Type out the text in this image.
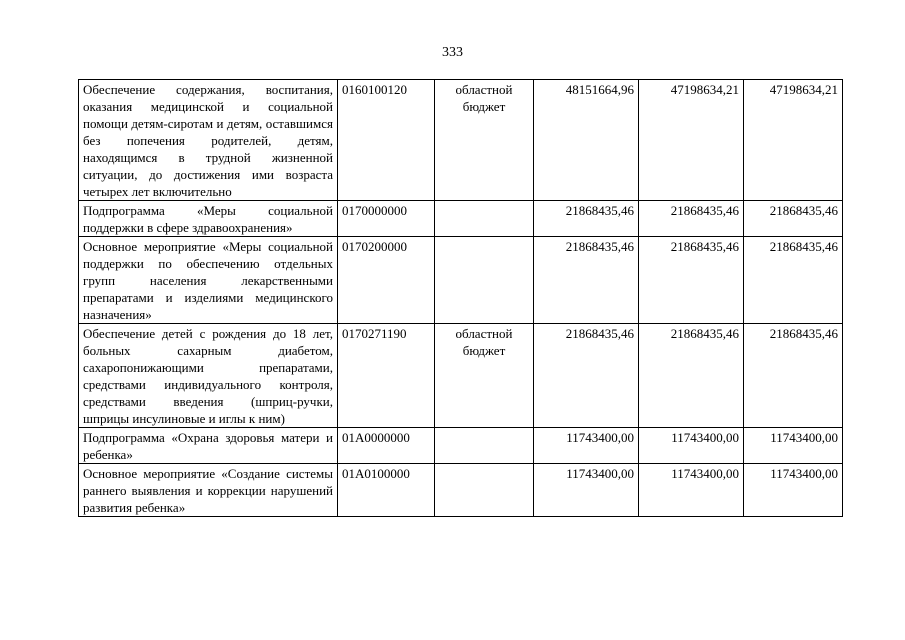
333
Обеспечение содержания, воспитания, оказания медицинской и социальной помощи детям-сиротам и детям, оставшимся без попечения родителей, детям, находящимся в трудной жизненной ситуации, до достижения ими возраста четырех лет включительно	0160100120	областной бюджет	48151664,96	47198634,21	47198634,21
Подпрограмма «Меры социальной поддержки в сфере здравоохранения»	0170000000		21868435,46	21868435,46	21868435,46
Основное мероприятие «Меры социальной поддержки по обеспечению отдельных групп населения лекарственными препаратами и изделиями медицинского назначения»	0170200000		21868435,46	21868435,46	21868435,46
Обеспечение детей с рождения до 18 лет, больных сахарным диабетом, сахаропонижающими препаратами, средствами индивидуального контроля, средствами введения (шприц-ручки, шприцы инсулиновые и иглы к ним)	0170271190	областной бюджет	21868435,46	21868435,46	21868435,46
Подпрограмма «Охрана здоровья матери и ребенка»	01А0000000		11743400,00	11743400,00	11743400,00
Основное мероприятие «Создание системы раннего выявления и коррекции нарушений развития ребенка»	01А0100000		11743400,00	11743400,00	11743400,00
